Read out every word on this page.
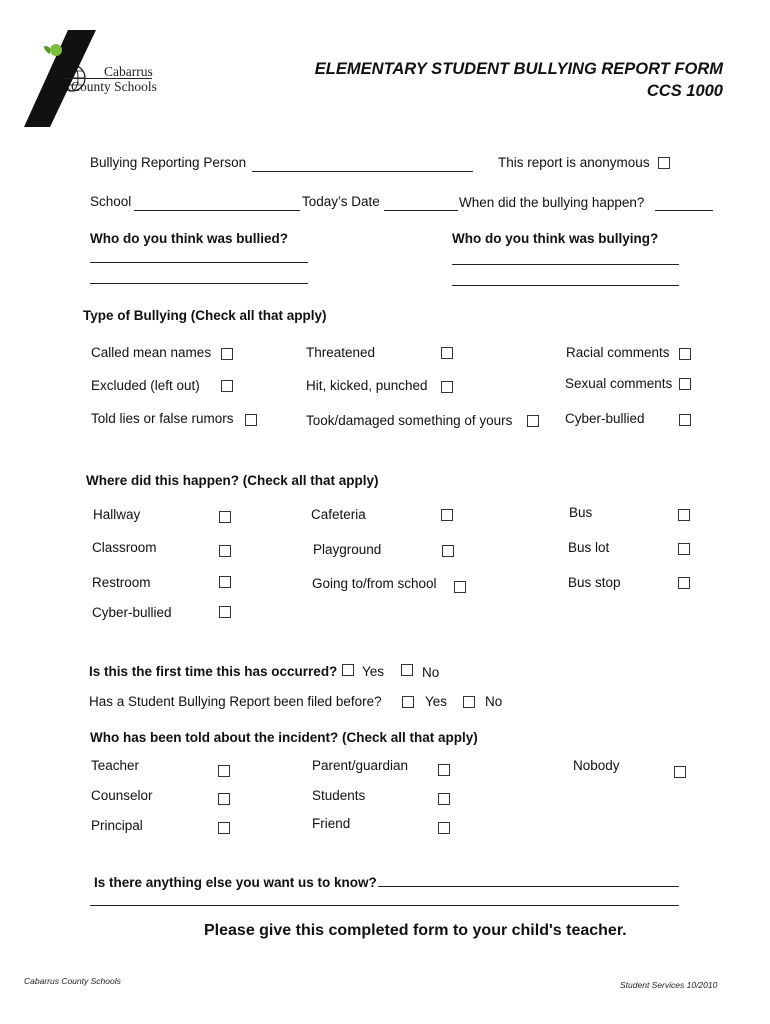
Cabarrus
County Schools
ELEMENTARY STUDENT BULLYING REPORT FORM
CCS 1000
Bullying Reporting Person	This report is anonymous
School	Today’s Date	When did the bullying happen?
Who do you think was bullied?	Who do you think was bullying?
Type of Bullying (Check all that apply)
Called mean names	Threatened	Racial comments
Excluded (left out)	Hit, kicked, punched	Sexual comments
Told lies or false rumors	Took/damaged something of yours	Cyber-bullied
Where did this happen? (Check all that apply)
Hallway	Cafeteria	Bus
Classroom	Playground	Bus lot
Restroom	Going to/from school	Bus stop
Cyber-bullied
Is this the first time this has occurred? Yes	No
Has a Student Bullying Report been filed before?	Yes	No
Who has been told about the incident? (Check all that apply)
Teacher	Parent/guardian	Nobody
Counselor	Students
Principal	Friend
Is there anything else you want us to know?
Please give this completed form to your child's teacher.
Cabarrus County Schools	Student Services 10/2010
